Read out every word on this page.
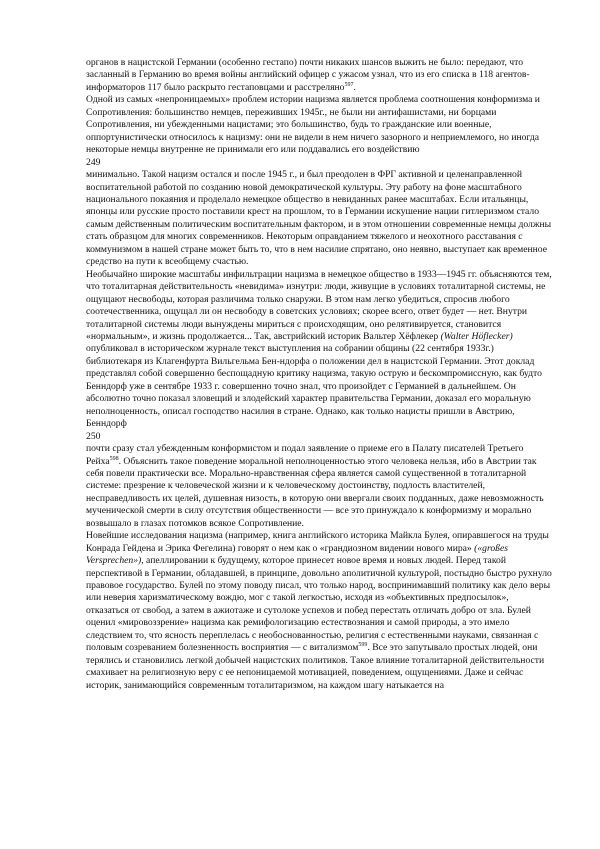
органов в нацистской Германии (особенно гестапо) почти никаких шансов выжить не было: передают, что засланный в Германию во время войны английский офицер с ужасом узнал, что из его списка в 118 агентов-информаторов 117 было раскрыто гестаповцами и расстреляно$^{597}$.
Одной из самых «непроницаемых» проблем истории нацизма является проблема соотношения конформизма и Сопротивления: большинство немцев, переживших 1945г., не были ни антифашистами, ни борцами Сопротивления, ни убежденными нацистами; это большинство, будь то гражданские или военные, оппортунистически относилось к нацизму: они не видели в нем ничего зазорного и неприемлемого, но иногда некоторые немцы внутренне не принимали его или поддавались его воздействию
249
минимально. Такой нацизм остался и после 1945 г., и был преодолен в ФРГ активной и целенаправленной воспитательной работой по созданию новой демократической культуры. Эту работу на фоне масштабного национального покаяния и проделало немецкое общество в невиданных ранее масштабах. Если итальянцы, японцы или русские просто поставили крест на прошлом, то в Германии искушение нации гитлеризмом стало самым действенным политическим воспитательным фактором, и в этом отношении современные немцы должны стать образцом для многих современников. Некоторым оправданием тяжелого и неохотного расставания с коммунизмом в нашей стране может быть то, что в нем насилие спрятано, оно неявно, выступает как временное средство на пути к всеобщему счастью.
Необычайно широкие масштабы инфильтрации нацизма в немецкое общество в 1933—1945 гг. объясняются тем, что тоталитарная действительность «невидима» изнутри: люди, живущие в условиях тоталитарной системы, не ощущают несвободы, которая различима только снаружи. В этом нам легко убедиться, спросив любого соотечественника, ощущал ли он несвободу в советских условиях; скорее всего, ответ будет — нет. Внутри тоталитарной системы люди вынуждены мириться с происходящим, оно релятивируется, становится «нормальным», и жизнь продолжается... Так, австрийский историк Вальтер Хёфлекер (Walter Höflecker) опубликовал в историческом журнале текст выступления на собрании общины (22 сентября 1933г.) библиотекаря из Клагенфурта Вильгельма Бен-ндорфа о положении дел в нацистской Германии. Этот доклад представлял собой совершенно беспощадную критику нацизма, такую острую и бескомпромиссную, как будто Бенндорф уже в сентябре 1933 г. совершенно точно знал, что произойдет с Германией в дальнейшем. Он абсолютно точно показал зловещий и злодейский характер правительства Германии, доказал его моральную неполноценность, описал господство насилия в стране. Однако, как только нацисты пришли в Австрию, Бенндорф
250
почти сразу стал убежденным конформистом и подал заявление о приеме его в Палату писателей Третьего Рейха$^{598}$. Объяснить такое поведение моральной неполноценностью этого человека нельзя, ибо в Австрии так себя повели практически все. Морально-нравственная сфера является самой существенной в тоталитарной системе: презрение к человеческой жизни и к человеческому достоинству, подлость властителей, несправедливость их целей, душевная низость, в которую они ввергали своих подданных, даже невозможность мученической смерти в силу отсутствия общественности — все это принуждало к конформизму и морально возвышало в глазах потомков всякое Сопротивление.
Новейшие исследования нацизма (например, книга английского историка Майкла Булея, опиравшегося на труды Конрада Гейдена и Эрика Фегелина) говорят о нем как о «грандиозном видении нового мира» («großes Versprechen»), апеллировании к будущему, которое принесет новое время и новых людей. Перед такой перспективой в Германии, обладавшей, в принципе, довольно аполитичной культурой, постыдно быстро рухнуло правовое государство. Булей по этому поводу писал, что только народ, воспринимавший политику как дело веры или неверия харизматическому вождю, мог с такой легкостью, исходя из «объективных предпосылок», отказаться от свобод, а затем в ажиотаже и сутолоке успехов и побед перестать отличать добро от зла. Булей оценил «мировоззрение» нацизма как ремифологизацию естествознания и самой природы, а это имело следствием то, что ясность переплелась с необоснованностью, религия с естественными науками, связанная с половым созреванием болезненность восприятия — с витализмом$^{599}$. Все это запутывало простых людей, они терялись и становились легкой добычей нацистских политиков. Такое влияние тоталитарной действительности смахивает на религиозную веру с ее непоницаемой мотивацией, поведением, ощущениями. Даже и сейчас историк, занимающийся современным тоталитаризмом, на каждом шагу натыкается на
